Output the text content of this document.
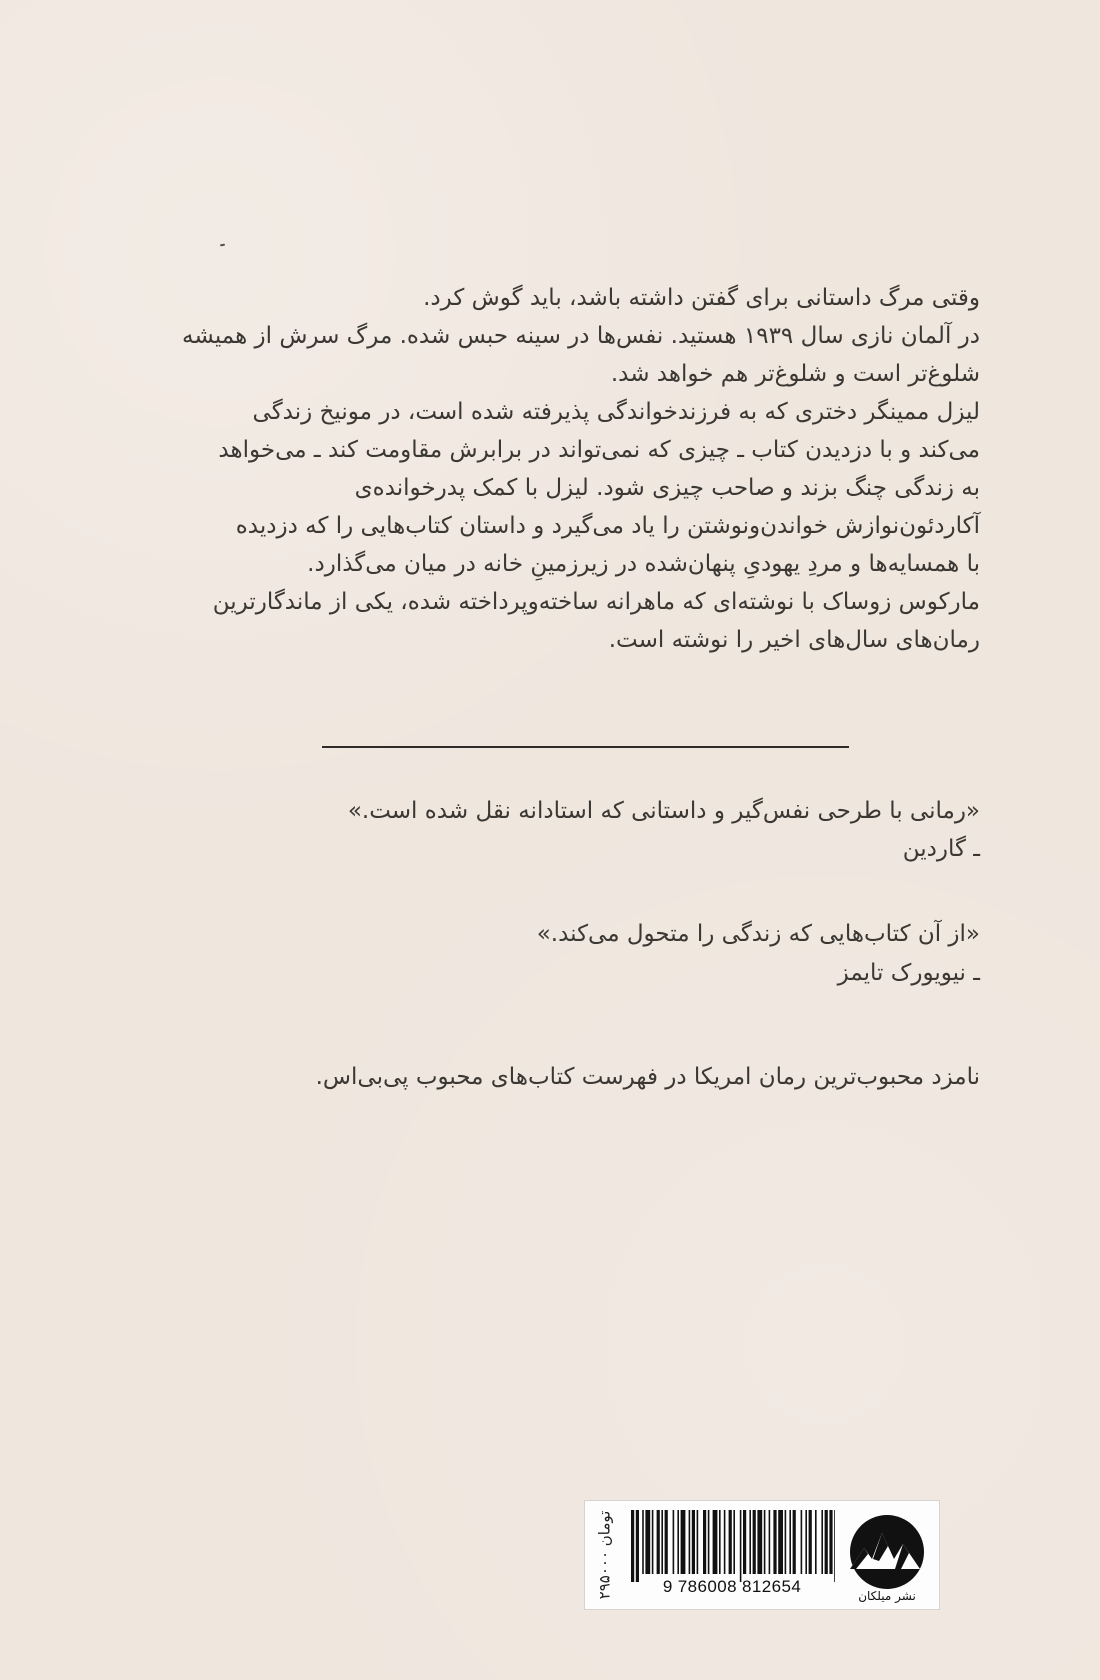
وقتی مرگ داستانی برای گفتن داشته باشد، باید گوش کرد.
در آلمان نازی سال ۱۹۳۹ هستید. نفس‌ها در سینه حبس شده. مرگ سرش از همیشه
شلوغ‌تر است و شلوغ‌تر هم خواهد شد.
لیزل ممینگر دختری که به فرزندخواندگی پذیرفته شده است، در مونیخ زندگی
می‌کند و با دزدیدن کتاب ـ چیزی که نمی‌تواند در برابرش مقاومت کند ـ می‌خواهد
به زندگی چنگ بزند و صاحب چیزی شود. لیزل با کمک پدرخوانده‌ی
آکاردئون‌نوازش خواندن‌ونوشتن را یاد می‌گیرد و داستان کتاب‌هایی را که دزدیده
با همسایه‌ها و مردِ یهودیِ پنهان‌شده در زیرزمینِ خانه در میان می‌گذارد.
مارکوس زوساک با نوشته‌ای که ماهرانه ساخته‌وپرداخته شده، یکی از ماندگارترین
رمان‌های سال‌های اخیر را نوشته است.
«رمانی با طرحی نفس‌گیر و داستانی که استادانه نقل شده است.»
ـ گاردین
«از آن کتاب‌هایی که زندگی را متحول می‌کند.»
ـ نیویورک تایمز
نامزد محبوب‌ترین رمان امریکا در فهرست کتاب‌های محبوب پی‌بی‌اس.
۲۹۵۰۰۰ تومان
9 786008 812654	نشر میلکان
